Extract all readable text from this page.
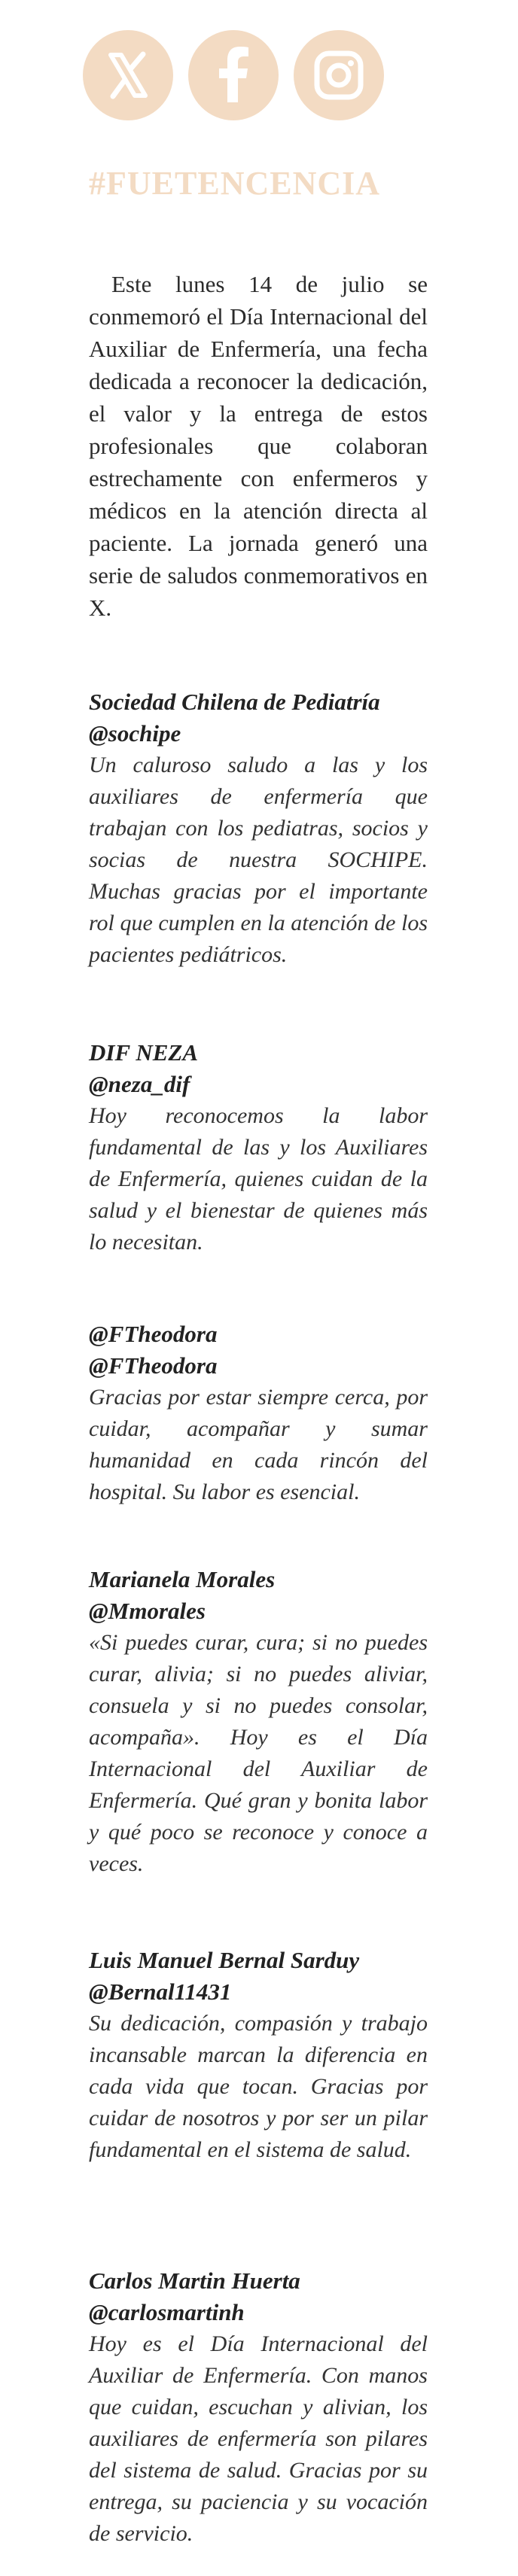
#FUETENCENCIA

Este lunes 14 de julio se conmemoró el Día Internacional del Auxiliar de Enfermería, una fecha dedicada a reconocer la dedicación, el valor y la entrega de estos profesionales que colaboran estrechamente con enfermeros y médicos en la atención directa al paciente. La jornada generó una serie de saludos conmemorativos en X.

Sociedad Chilena de Pediatría
@sochipe
Un caluroso saludo a las y los auxiliares de enfermería que trabajan con los pediatras, socios y socias de nuestra SOCHIPE. Muchas gracias por el importante rol que cumplen en la atención de los pacientes pediátricos.
DIF NEZA
@neza_dif
Hoy reconocemos la labor fundamental de las y los Auxiliares de Enfermería, quienes cuidan de la salud y el bienestar de quienes más lo necesitan.
@FTheodora
@FTheodora
Gracias por estar siempre cerca, por cuidar, acompañar y sumar humanidad en cada rincón del hospital. Su labor es esencial.
Marianela Morales
@Mmorales
«Si puedes curar, cura; si no puedes curar, alivia; si no puedes aliviar, consuela y si no puedes consolar, acompaña». Hoy es el Día Internacional del Auxiliar de Enfermería. Qué gran y bonita labor y qué poco se reconoce y conoce a veces.
Luis Manuel Bernal Sarduy
@Bernal11431
Su dedicación, compasión y trabajo incansable marcan la diferencia en cada vida que tocan. Gracias por cuidar de nosotros y por ser un pilar fundamental en el sistema de salud.
Carlos Martin Huerta
@carlosmartinh
Hoy es el Día Internacional del Auxiliar de Enfermería. Con manos que cuidan, escuchan y alivian, los auxiliares de enfermería son pilares del sistema de salud. Gracias por su entrega, su paciencia y su vocación de servicio.
